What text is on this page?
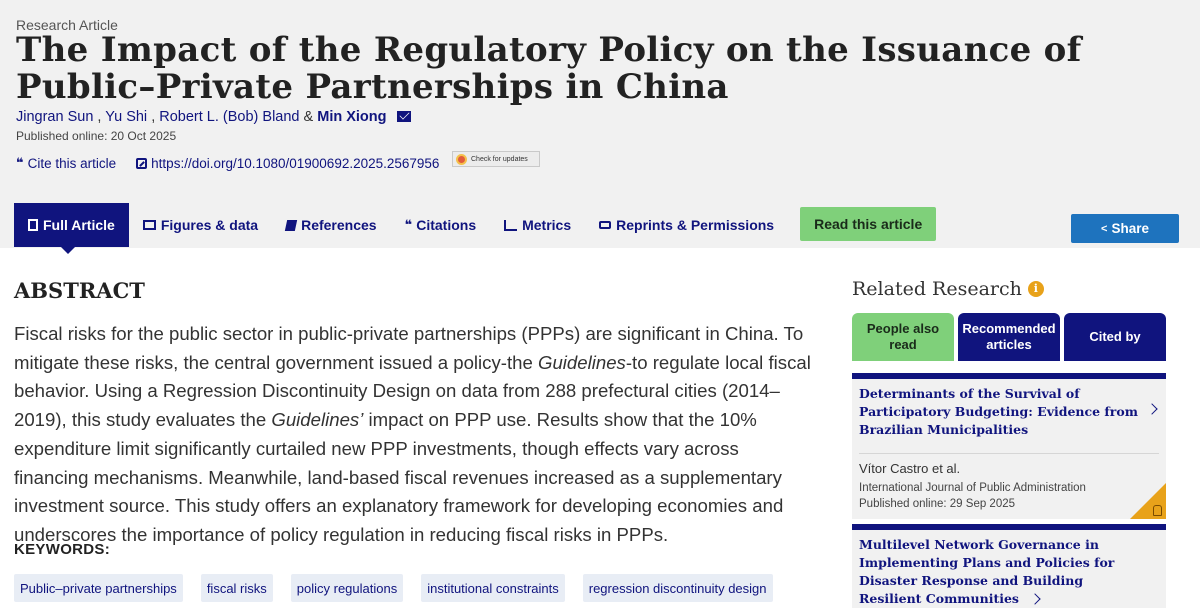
Research Article
The Impact of the Regulatory Policy on the Issuance of Public–Private Partnerships in China
Jingran Sun , Yu Shi , Robert L. (Bob) Bland & Min Xiong
Published online: 20 Oct 2025
❝ Cite this article	https://doi.org/10.1080/01900692.2025.2567956	Check for updates
Full Article	Figures & data	References ❝ Citations	Metrics	Reprints & Permissions	Read this article	< Share
ABSTRACT

Fiscal risks for the public sector in public-private partnerships (PPPs) are significant in China. To mitigate these risks, the central government issued a policy-the Guidelines-to regulate local fiscal behavior. Using a Regression Discontinuity Design on data from 288 prefectural cities (2014–2019), this study evaluates the Guidelines’ impact on PPP use. Results show that the 10% expenditure limit significantly curtailed new PPP investments, though effects vary across financing mechanisms. Meanwhile, land-based fiscal revenues increased as a supplementary investment source. This study offers an explanatory framework for developing economies and underscores the importance of policy regulation in reducing fiscal risks in PPPs.

KEYWORDS:
Public–private partnerships	fiscal risks	policy regulations	institutional constraints	regression discontinuity design
Related Research	i
People also read
Recommended articles
Cited by
Determinants of the Survival of Participatory Budgeting: Evidence from Brazilian Municipalities
Vítor Castro et al.
International Journal of Public Administration
Published online: 29 Sep 2025
Multilevel Network Governance in Implementing Plans and Policies for Disaster Response and Building Resilient Communities
